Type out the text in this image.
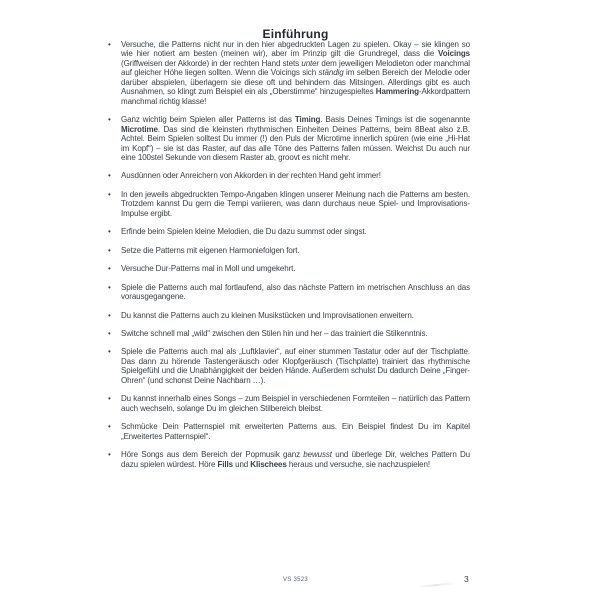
Einführung
•	Versuche, die Patterns nicht nur in den hier abgedruckten Lagen zu spielen. Okay – sie klingen so wie hier notiert am besten (meinen wir), aber im Prinzip gilt die Grundregel, dass die Voicings (Griffweisen der Akkorde) in der rechten Hand stets unter dem jeweiligen Melodieton oder manchmal auf gleicher Höhe liegen sollten. Wenn die Voicings sich ständig im selben Bereich der Melodie oder darüber abspielen, überlagern sie diese oft und behindern das Mitsingen. Allerdings gibt es auch Ausnahmen, so klingt zum Beispiel ein als „Oberstimme“ hinzugespieltes Hammering-Akkordpattern manchmal richtig klasse!

•	Ganz wichtig beim Spielen aller Patterns ist das Timing. Basis Deines Timings ist die sogenannte Microtime. Das sind die kleinsten rhythmischen Einheiten Deines Patterns, beim 8Beat also z.B. Achtel. Beim Spielen solltest Du immer (!) den Puls der Microtime innerlich spüren (wie eine „Hi-Hat im Kopf“) – sie ist das Raster, auf das alle Töne des Patterns fallen müssen. Weichst Du auch nur eine 100stel Sekunde von diesem Raster ab, groovt es nicht mehr.

•	Ausdünnen oder Anreichern von Akkorden in der rechten Hand geht immer!

•	In den jeweils abgedruckten Tempo-Angaben klingen unserer Meinung nach die Patterns am besten. Trotzdem kannst Du gern die Tempi variieren, was dann durchaus neue Spiel- und Improvisations-Impulse ergibt.

•	Erfinde beim Spielen kleine Melodien, die Du dazu summst oder singst.

•	Setze die Patterns mit eigenen Harmoniefolgen fort.

•	Versuche Dur-Patterns mal in Moll und umgekehrt.

•	Spiele die Patterns auch mal fortlaufend, also das nächste Pattern im metrischen Anschluss an das vorausgegangene.

•	Du kannst die Patterns auch zu kleinen Musikstücken und Improvisationen erweitern.

•	Switche schnell mal „wild“ zwischen den Stilen hin und her – das trainiert die Stilkenntnis.

•	Spiele die Patterns auch mal als „Luftklavier“, auf einer stummen Tastatur oder auf der Tischplatte. Das dann zu hörende Tastengeräusch oder Klopfgeräusch (Tischplatte) trainiert das rhythmische Spielgefühl und die Unabhängigkeit der beiden Hände. Außerdem schulst Du dadurch Deine „Finger-Ohren“ (und schonst Deine Nachbarn …).

•	Du kannst innerhalb eines Songs – zum Beispiel in verschiedenen Formteilen – natürlich das Pattern auch wechseln, solange Du im gleichen Stilbereich bleibst.

•	Schmücke Dein Patternspiel mit erweiterten Patterns aus. Ein Beispiel findest Du im Kapitel „Erweitertes Patternspiel“.

•	Höre Songs aus dem Bereich der Popmusik ganz bewusst und überlege Dir, welches Pattern Du dazu spielen würdest. Höre Fills und Klischees heraus und versuche, sie nachzuspielen!

VS 3523	3
